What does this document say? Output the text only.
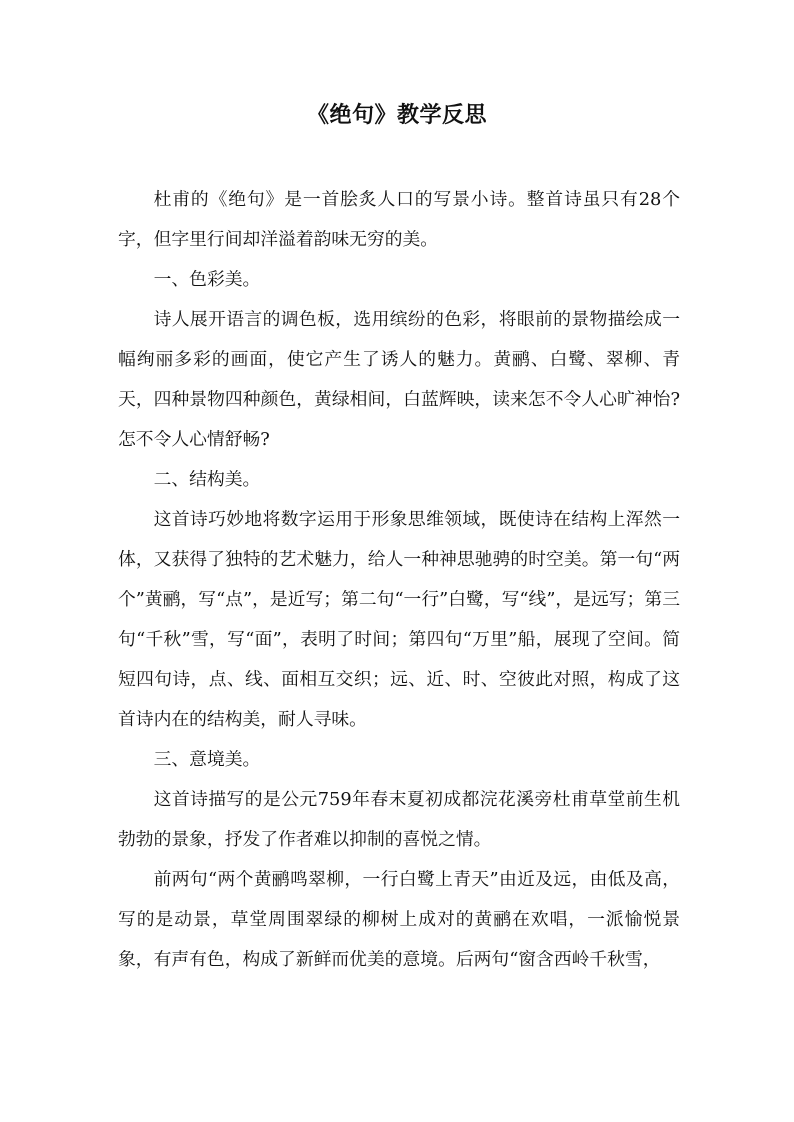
《绝句》教学反思

杜甫的《绝句》是一首脍炙人口的写景小诗。整首诗虽只有28个字，但字里行间却洋溢着韵味无穷的美。

一、色彩美。

诗人展开语言的调色板，选用缤纷的色彩，将眼前的景物描绘成一幅绚丽多彩的画面，使它产生了诱人的魅力。黄鹂、白鹭、翠柳、青天，四种景物四种颜色，黄绿相间，白蓝辉映，读来怎不令人心旷神怡?怎不令人心情舒畅?

二、结构美。

这首诗巧妙地将数字运用于形象思维领域，既使诗在结构上浑然一体，又获得了独特的艺术魅力，给人一种神思驰骋的时空美。第一句“两个”黄鹂，写“点”，是近写；第二句“一行”白鹭，写“线”，是远写；第三句“千秋”雪，写“面”，表明了时间；第四句“万里”船，展现了空间。简短四句诗，点、线、面相互交织；远、近、时、空彼此对照，构成了这首诗内在的结构美，耐人寻味。

三、意境美。

这首诗描写的是公元759年春末夏初成都浣花溪旁杜甫草堂前生机勃勃的景象，抒发了作者难以抑制的喜悦之情。

前两句“两个黄鹂鸣翠柳，一行白鹭上青天”由近及远，由低及高，写的是动景，草堂周围翠绿的柳树上成对的黄鹂在欢唱，一派愉悦景象，有声有色，构成了新鲜而优美的意境。后两句“窗含西岭千秋雪，
